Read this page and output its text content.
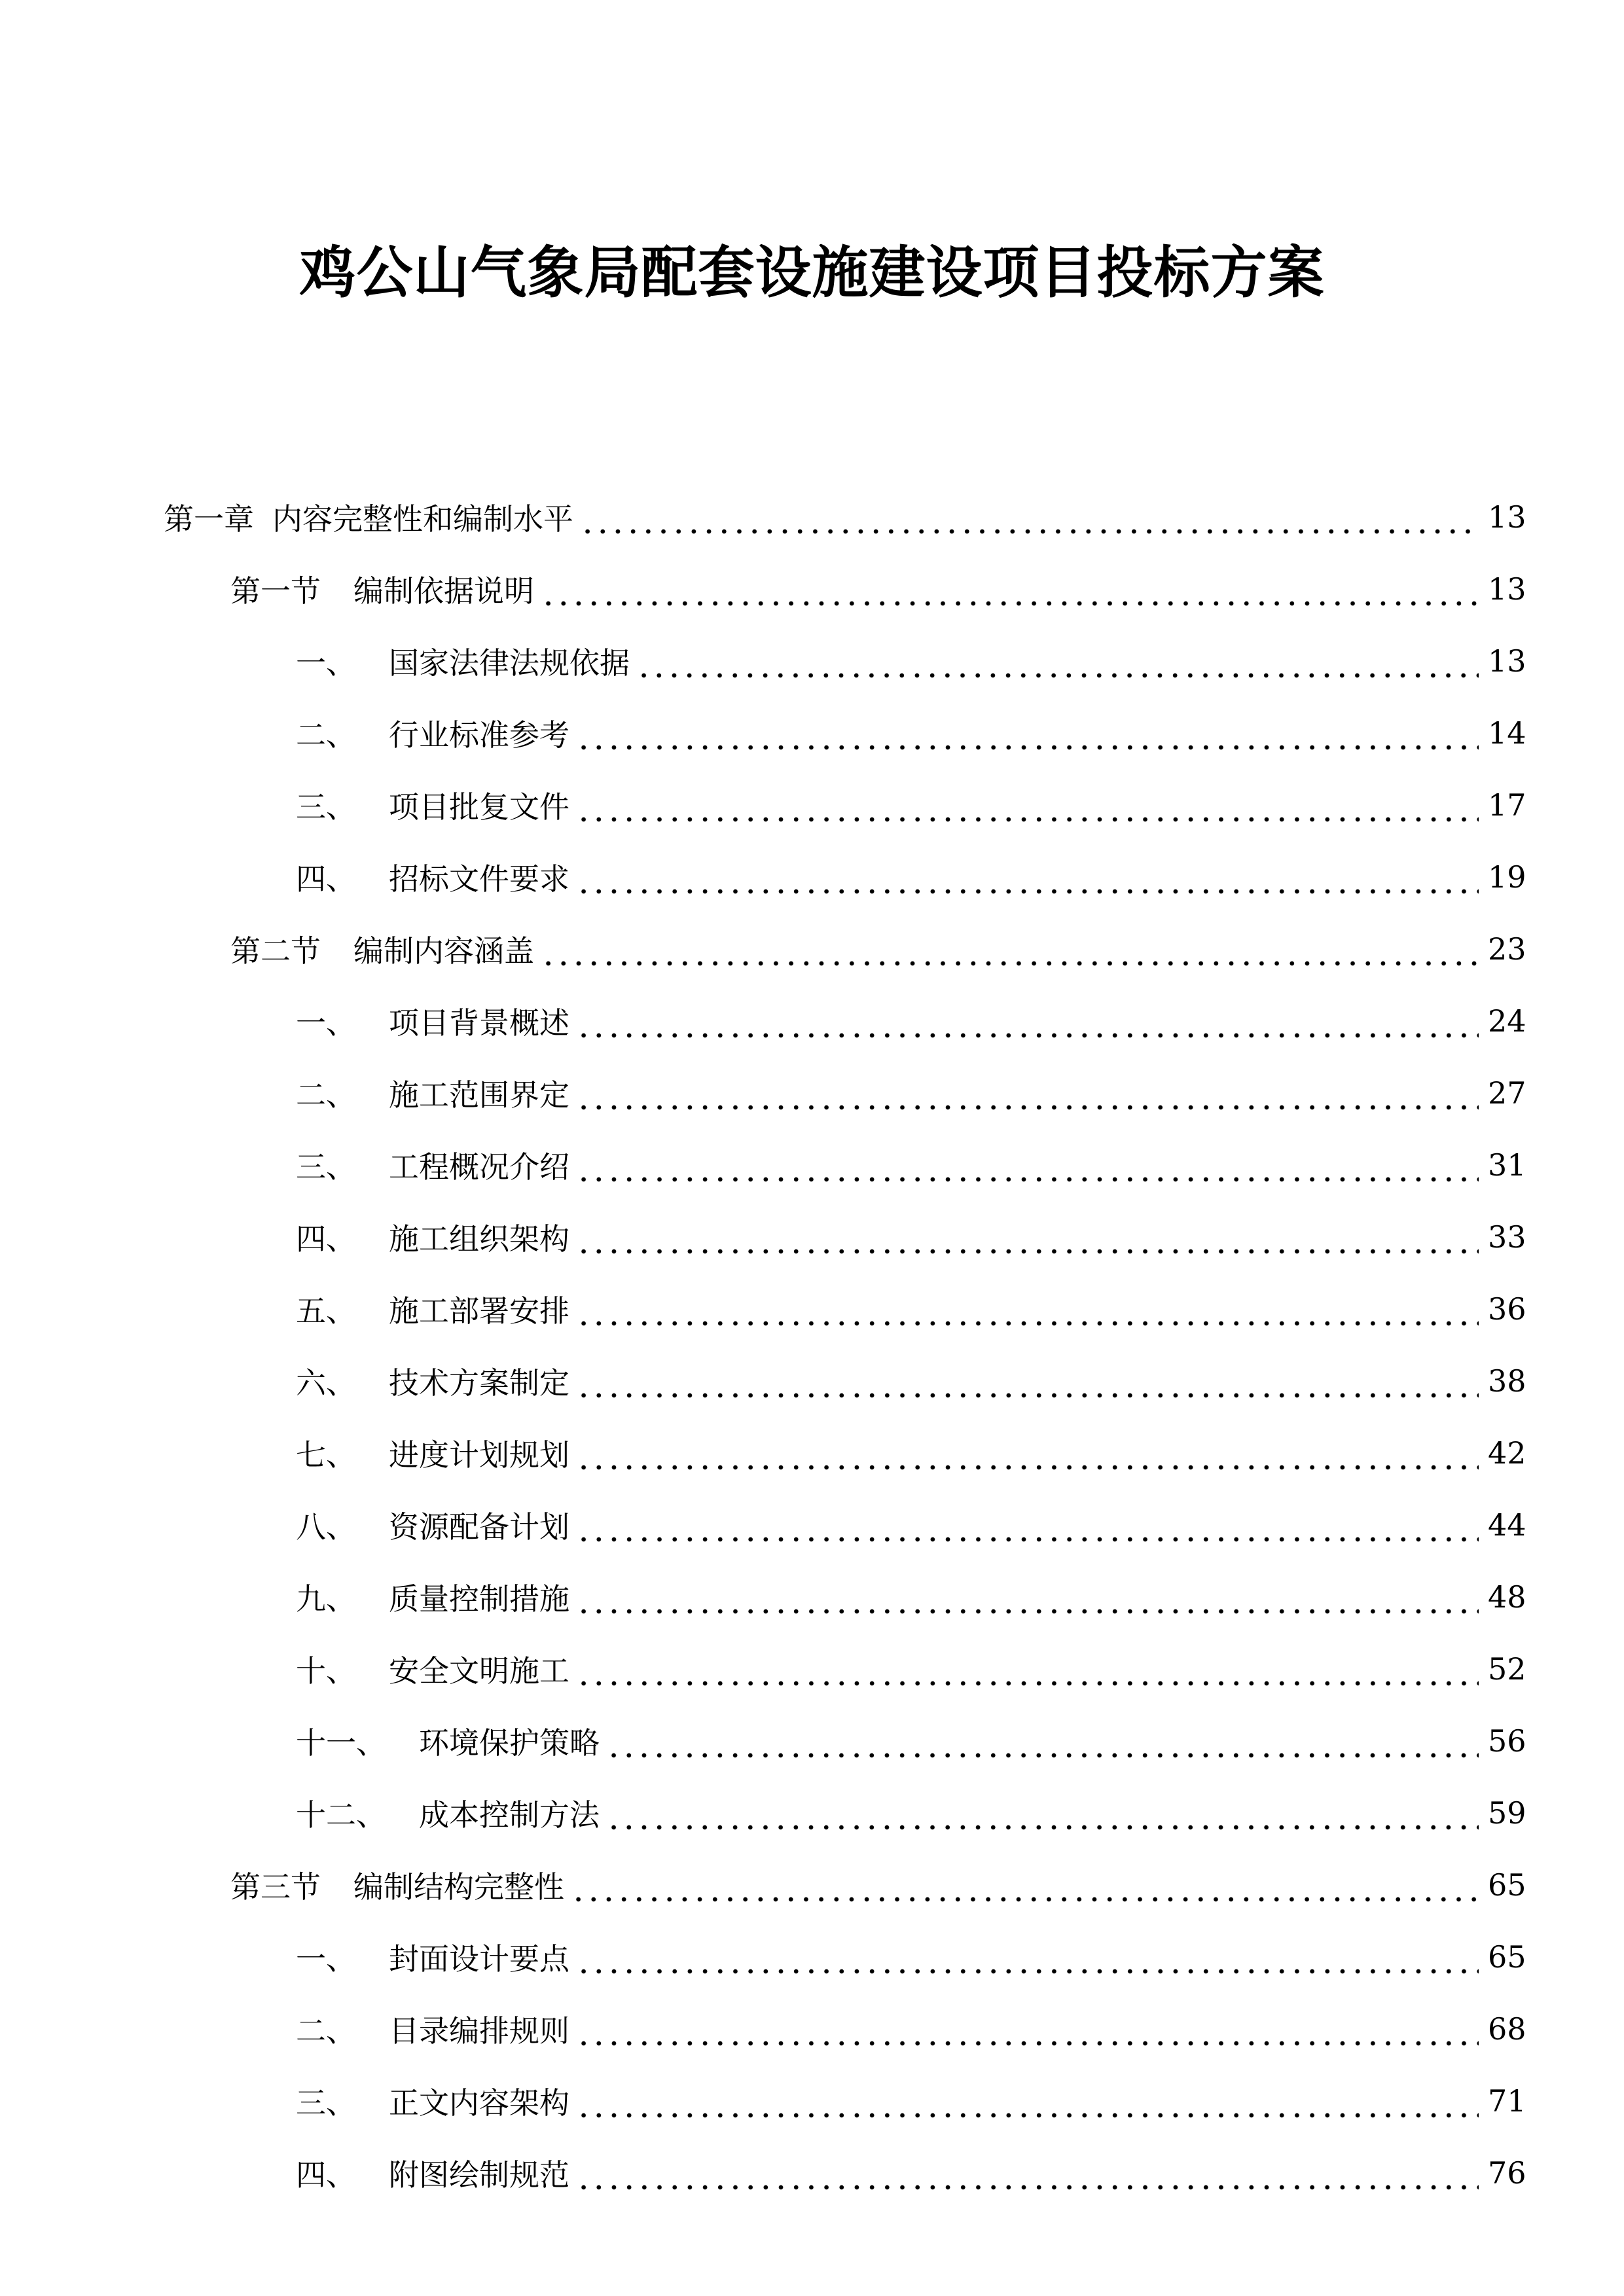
鸡公山气象局配套设施建设项目投标方案
第一章 内容完整性和编制水平	13
第一节 编制依据说明	13
一、 国家法律法规依据	13
二、 行业标准参考	14
三、 项目批复文件	17
四、 招标文件要求	19
第二节 编制内容涵盖	23
一、 项目背景概述	24
二、 施工范围界定	27
三、 工程概况介绍	31
四、 施工组织架构	33
五、 施工部署安排	36
六、 技术方案制定	38
七、 进度计划规划	42
八、 资源配备计划	44
九、 质量控制措施	48
十、 安全文明施工	52
十一、 环境保护策略	56
十二、 成本控制方法	59
第三节 编制结构完整性	65
一、 封面设计要点	65
二、 目录编排规则	68
三、 正文内容架构	71
四、 附图绘制规范	76
